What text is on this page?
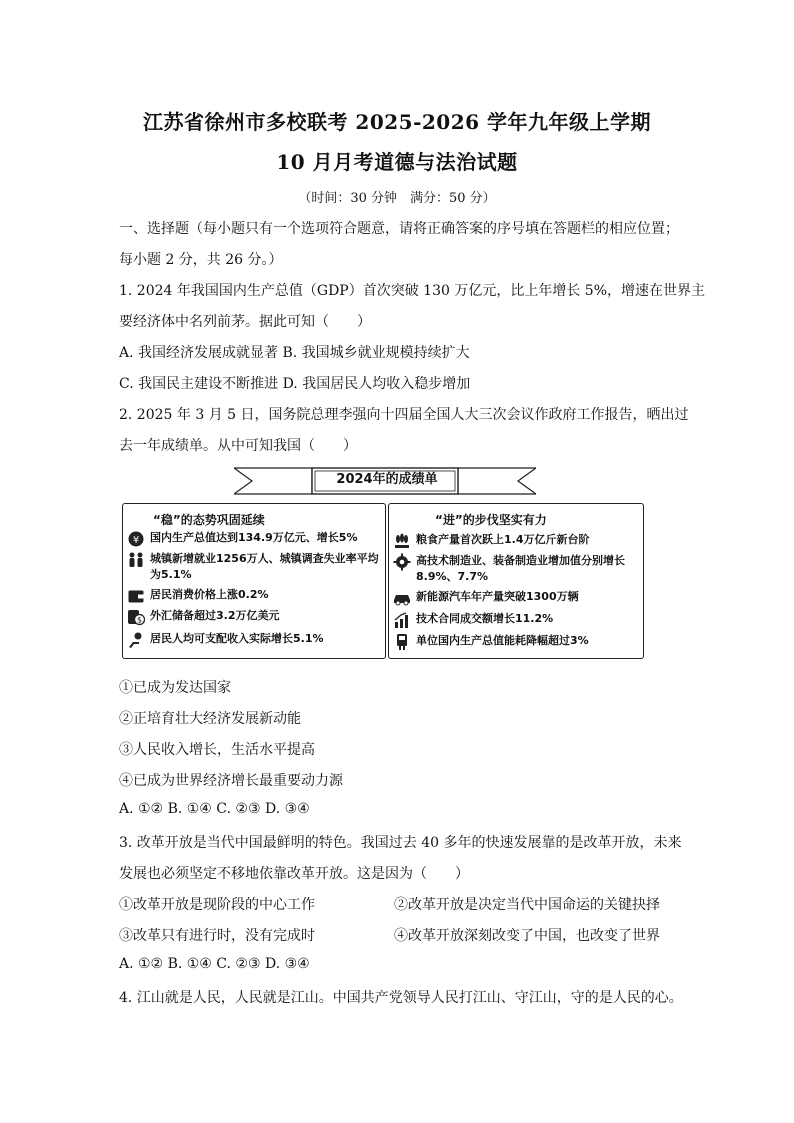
江苏省徐州市多校联考 2025-2026 学年九年级上学期
10 月月考道德与法治试题
（时间：30 分钟　满分：50 分）
一、选择题（每小题只有一个选项符合题意，请将正确答案的序号填在答题栏的相应位置；
每小题 2 分，共 26 分。）
1. 2024 年我国国内生产总值（GDP）首次突破 130 万亿元，比上年增长 5%，增速在世界主
要经济体中名列前茅。据此可知（　　）
A. 我国经济发展成就显著 B. 我国城乡就业规模持续扩大
C. 我国民主建设不断推进 D. 我国居民人均收入稳步增加
2. 2025 年 3 月 5 日，国务院总理李强向十四届全国人大三次会议作政府工作报告，晒出过
去一年成绩单。从中可知我国（　　）
2024年的成绩单
“稳”的态势巩固延续
¥ 国内生产总值达到134.9万亿元、增长5%
城镇新增就业1256万人、城镇调查失业率平均为5.1%
居民消费价格上涨0.2%
$ 外汇储备超过3.2万亿美元
居民人均可支配收入实际增长5.1%
“进”的步伐坚实有力
粮食产量首次跃上1.4万亿斤新台阶
高技术制造业、装备制造业增加值分别增长8.9%、7.7%
新能源汽车年产量突破1300万辆
技术合同成交额增长11.2%
单位国内生产总值能耗降幅超过3%
①已成为发达国家
②正培育壮大经济发展新动能
③人民收入增长，生活水平提高
④已成为世界经济增长最重要动力源
A. ①② B. ①④ C. ②③ D. ③④
3. 改革开放是当代中国最鲜明的特色。我国过去 40 多年的快速发展靠的是改革开放，未来
发展也必须坚定不移地依靠改革开放。这是因为（　　）
①改革开放是现阶段的中心工作	②改革开放是决定当代中国命运的关键抉择
③改革只有进行时，没有完成时	④改革开放深刻改变了中国，也改变了世界
A. ①② B. ①④ C. ②③ D. ③④
4. 江山就是人民，人民就是江山。中国共产党领导人民打江山、守江山，守的是人民的心。
